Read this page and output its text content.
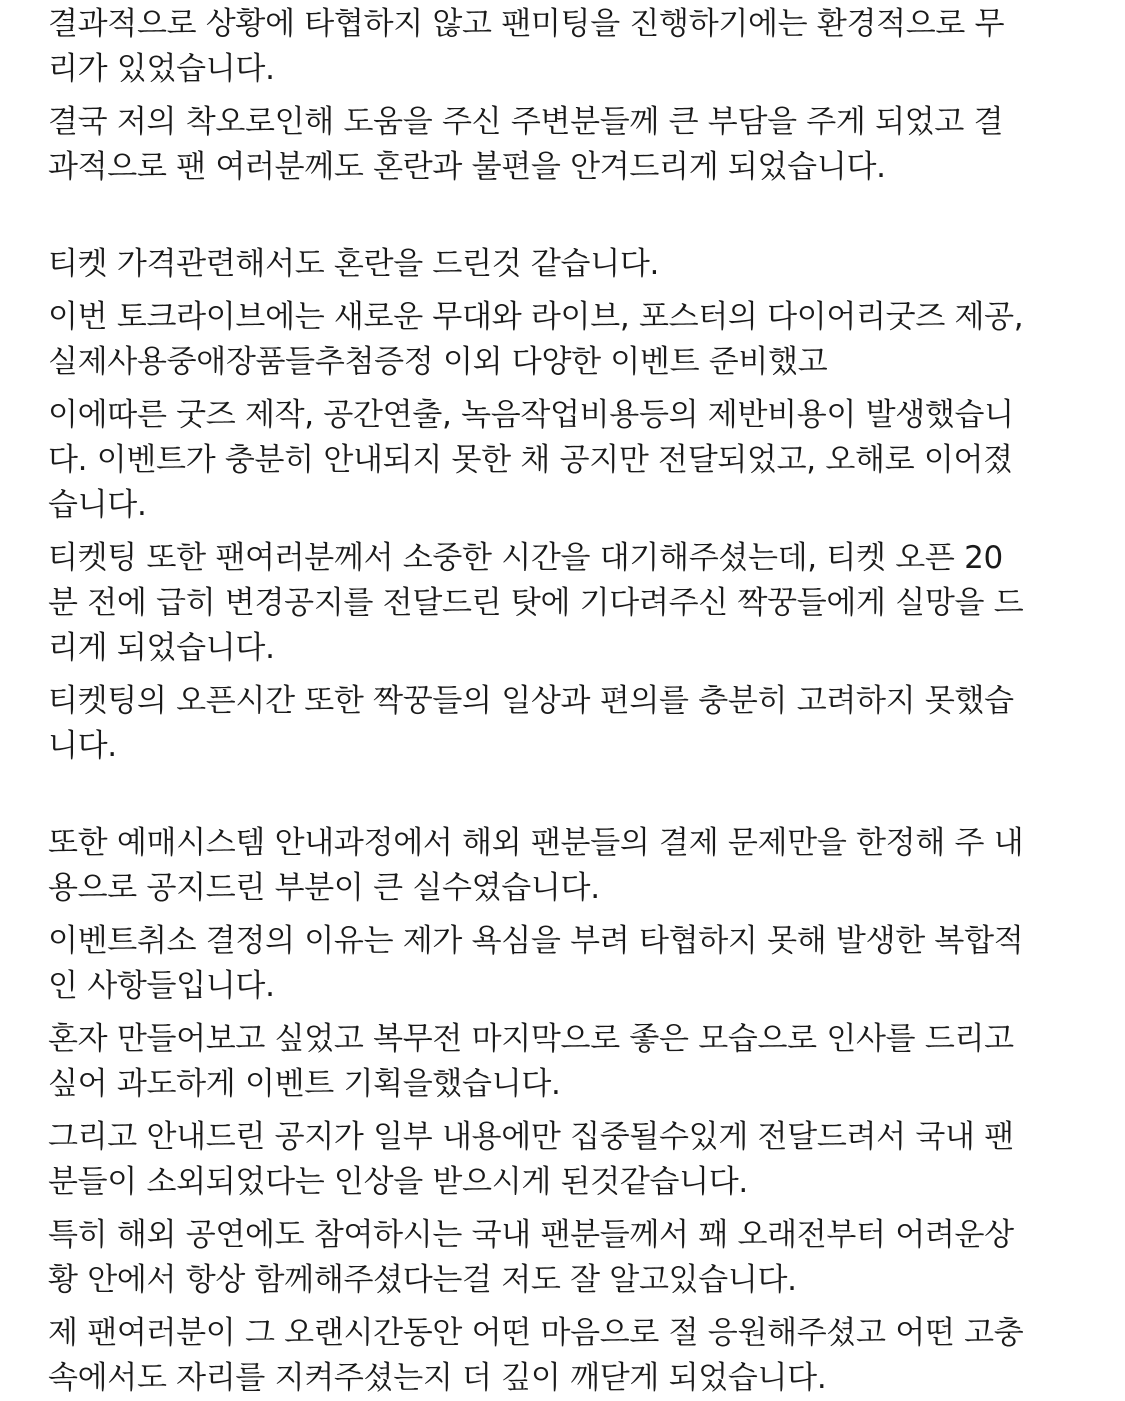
결과적으로 상황에 타협하지 않고 팬미팅을 진행하기에는 환경적으로 무
리가 있었습니다.
결국 저의 착오로인해 도움을 주신 주변분들께 큰 부담을 주게 되었고 결
과적으로 팬 여러분께도 혼란과 불편을 안겨드리게 되었습니다.
티켓 가격관련해서도 혼란을 드린것 같습니다.
이번 토크라이브에는 새로운 무대와 라이브, 포스터의 다이어리굿즈 제공,
실제사용중애장품들추첨증정 이외 다양한 이벤트 준비했고
이에따른 굿즈 제작, 공간연출, 녹음작업비용등의 제반비용이 발생했습니
다. 이벤트가 충분히 안내되지 못한 채 공지만 전달되었고, 오해로 이어졌
습니다.
티켓팅 또한 팬여러분께서 소중한 시간을 대기해주셨는데, 티켓 오픈 20
분 전에 급히 변경공지를 전달드린 탓에 기다려주신 짝꿍들에게 실망을 드
리게 되었습니다.
티켓팅의 오픈시간 또한 짝꿍들의 일상과 편의를 충분히 고려하지 못했습
니다.
또한 예매시스템 안내과정에서 해외 팬분들의 결제 문제만을 한정해 주 내
용으로 공지드린 부분이 큰 실수였습니다.
이벤트취소 결정의 이유는 제가 욕심을 부려 타협하지 못해 발생한 복합적
인 사항들입니다.
혼자 만들어보고 싶었고 복무전 마지막으로 좋은 모습으로 인사를 드리고
싶어 과도하게 이벤트 기획을했습니다.
그리고 안내드린 공지가 일부 내용에만 집중될수있게 전달드려서 국내 팬
분들이 소외되었다는 인상을 받으시게 된것같습니다.
특히 해외 공연에도 참여하시는 국내 팬분들께서 꽤 오래전부터 어려운상
황 안에서 항상 함께해주셨다는걸 저도 잘 알고있습니다.
제 팬여러분이 그 오랜시간동안 어떤 마음으로 절 응원해주셨고 어떤 고충
속에서도 자리를 지켜주셨는지 더 깊이 깨닫게 되었습니다.
